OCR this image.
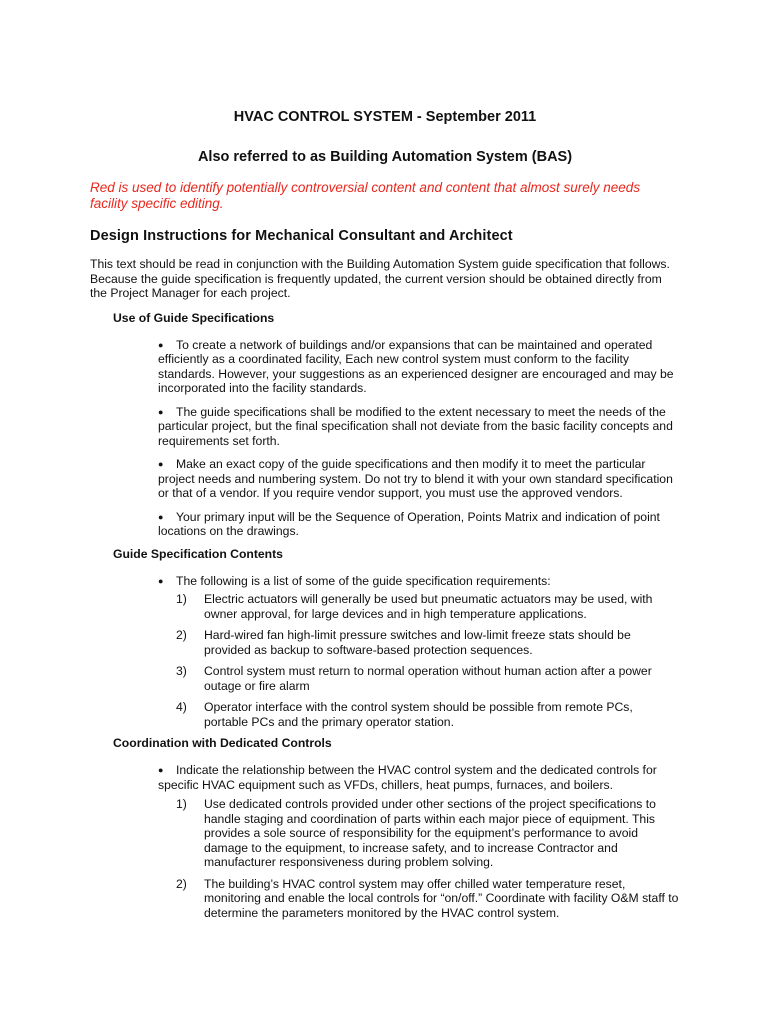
HVAC CONTROL SYSTEM - September 2011
Also referred to as Building Automation System (BAS)
Red is used to identify potentially controversial content and content that almost surely needs facility specific editing.
Design Instructions for Mechanical Consultant and Architect
This text should be read in conjunction with the Building Automation System guide specification that follows. Because the guide specification is frequently updated, the current version should be obtained directly from the Project Manager for each project.
Use of Guide Specifications
● To create a network of buildings and/or expansions that can be maintained and operated efficiently as a coordinated facility, Each new control system must conform to the facility standards. However, your suggestions as an experienced designer are encouraged and may be incorporated into the facility standards.
● The guide specifications shall be modified to the extent necessary to meet the needs of the particular project, but the final specification shall not deviate from the basic facility concepts and requirements set forth.
● Make an exact copy of the guide specifications and then modify it to meet the particular project needs and numbering system. Do not try to blend it with your own standard specification or that of a vendor. If you require vendor support, you must use the approved vendors.
● Your primary input will be the Sequence of Operation, Points Matrix and indication of point locations on the drawings.
Guide Specification Contents
● The following is a list of some of the guide specification requirements:
1)	Electric actuators will generally be used but pneumatic actuators may be used, with owner approval, for large devices and in high temperature applications.
2)	Hard-wired fan high-limit pressure switches and low-limit freeze stats should be provided as backup to software-based protection sequences.
3)	Control system must return to normal operation without human action after a power outage or fire alarm
4)	Operator interface with the control system should be possible from remote PCs, portable PCs and the primary operator station.
Coordination with Dedicated Controls
● Indicate the relationship between the HVAC control system and the dedicated controls for specific HVAC equipment such as VFDs, chillers, heat pumps, furnaces, and boilers.
1)	Use dedicated controls provided under other sections of the project specifications to handle staging and coordination of parts within each major piece of equipment. This provides a sole source of responsibility for the equipment’s performance to avoid damage to the equipment, to increase safety, and to increase Contractor and manufacturer responsiveness during problem solving.
2)	The building’s HVAC control system may offer chilled water temperature reset, monitoring and enable the local controls for “on/off.” Coordinate with facility O&M staff to determine the parameters monitored by the HVAC control system.
